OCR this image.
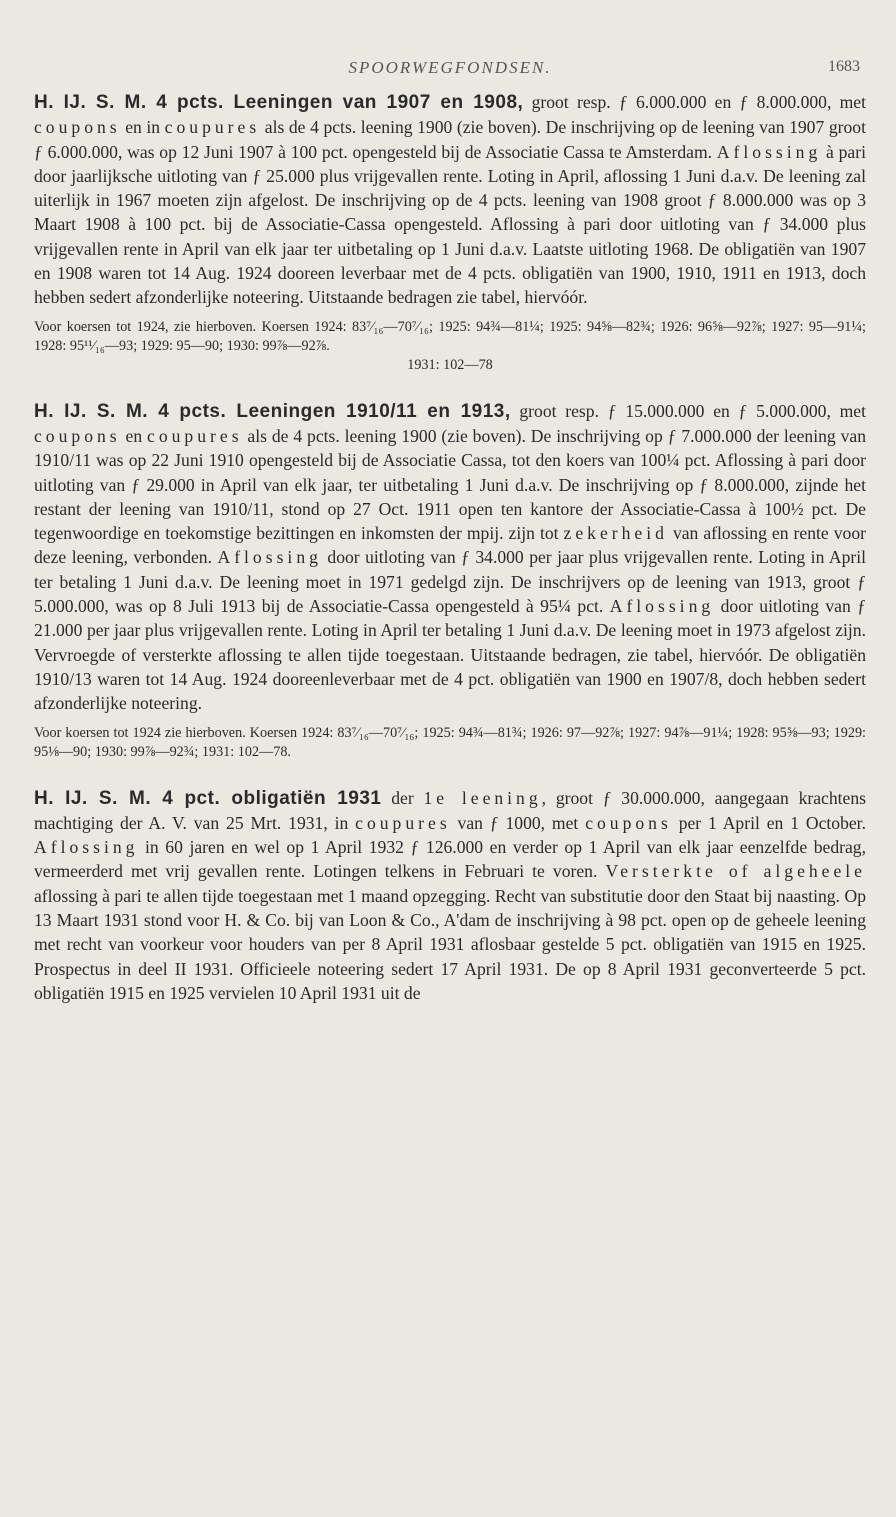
SPOORWEGFONDSEN.	1683

H. IJ. S. M. 4 pcts. Leeningen van 1907 en 1908, groot resp. ƒ 6.000.000 en ƒ 8.000.000, met coupons en in coupures als de 4 pcts. leening 1900 (zie boven). De inschrijving op de leening van 1907 groot ƒ 6.000.000, was op 12 Juni 1907 à 100 pct. opengesteld bij de Associatie Cassa te Amsterdam. Aflossing à pari door jaarlijksche uitloting van ƒ 25.000 plus vrijgevallen rente. Loting in April, aflossing 1 Juni d.a.v. De leening zal uiterlijk in 1967 moeten zijn afgelost. De inschrijving op de 4 pcts. leening van 1908 groot ƒ 8.000.000 was op 3 Maart 1908 à 100 pct. bij de Associatie-Cassa opengesteld. Aflossing à pari door uitloting van ƒ 34.000 plus vrijgevallen rente in April van elk jaar ter uitbetaling op 1 Juni d.a.v. Laatste uitloting 1968. De obligatiën van 1907 en 1908 waren tot 14 Aug. 1924 dooreen leverbaar met de 4 pcts. obligatiën van 1900, 1910, 1911 en 1913, doch hebben sedert afzonderlijke noteering. Uitstaande bedragen zie tabel, hiervóór.

Voor koersen tot 1924, zie hierboven. Koersen 1924: 83⁷⁄₁₆—70⁷⁄₁₆; 1925: 94¾—81¼; 1925: 94⅝—82¾; 1926: 96⅝—92⅞; 1927: 95—91¼; 1928: 95¹¹⁄₁₆—93; 1929: 95—90; 1930: 99⅞—92⅞.
1931: 102—78

H. IJ. S. M. 4 pcts. Leeningen 1910/11 en 1913, groot resp. ƒ 15.000.000 en ƒ 5.000.000, met coupons en coupures als de 4 pcts. leening 1900 (zie boven). De inschrijving op ƒ 7.000.000 der leening van 1910/11 was op 22 Juni 1910 opengesteld bij de Associatie Cassa, tot den koers van 100¼ pct. Aflossing à pari door uitloting van ƒ 29.000 in April van elk jaar, ter uitbetaling 1 Juni d.a.v. De inschrijving op ƒ 8.000.000, zijnde het restant der leening van 1910/11, stond op 27 Oct. 1911 open ten kantore der Associatie-Cassa à 100½ pct. De tegenwoordige en toekomstige bezittingen en inkomsten der mpij. zijn tot zekerheid van aflossing en rente voor deze leening, verbonden. Aflossing door uitloting van ƒ 34.000 per jaar plus vrijgevallen rente. Loting in April ter betaling 1 Juni d.a.v. De leening moet in 1971 gedelgd zijn. De inschrijvers op de leening van 1913, groot ƒ 5.000.000, was op 8 Juli 1913 bij de Associatie-Cassa opengesteld à 95¼ pct. Aflossing door uitloting van ƒ 21.000 per jaar plus vrijgevallen rente. Loting in April ter betaling 1 Juni d.a.v. De leening moet in 1973 afgelost zijn. Vervroegde of versterkte aflossing te allen tijde toegestaan. Uitstaande bedragen, zie tabel, hiervóór. De obligatiën 1910/13 waren tot 14 Aug. 1924 dooreenleverbaar met de 4 pct. obligatiën van 1900 en 1907/8, doch hebben sedert afzonderlijke noteering.

Voor koersen tot 1924 zie hierboven. Koersen 1924: 83⁷⁄₁₆—70⁷⁄₁₆; 1925: 94¾—81¾; 1926: 97—92⅞; 1927: 94⅞—91¼; 1928: 95⅝—93; 1929: 95⅛—90; 1930: 99⅞—92¾; 1931: 102—78.

H. IJ. S. M. 4 pct. obligatiën 1931 der 1e leening, groot ƒ 30.000.000, aangegaan krachtens machtiging der A. V. van 25 Mrt. 1931, in coupures van ƒ 1000, met coupons per 1 April en 1 October. Aflossing in 60 jaren en wel op 1 April 1932 ƒ 126.000 en verder op 1 April van elk jaar eenzelfde bedrag, vermeerderd met vrij gevallen rente. Lotingen telkens in Februari te voren. Versterkte of algeheele aflossing à pari te allen tijde toegestaan met 1 maand opzegging. Recht van substitutie door den Staat bij naasting. Op 13 Maart 1931 stond voor H. & Co. bij van Loon & Co., A'dam de inschrijving à 98 pct. open op de geheele leening met recht van voorkeur voor houders van per 8 April 1931 aflosbaar gestelde 5 pct. obligatiën van 1915 en 1925. Prospectus in deel II 1931. Officieele noteering sedert 17 April 1931. De op 8 April 1931 geconverteerde 5 pct. obligatiën 1915 en 1925 vervielen 10 April 1931 uit de
